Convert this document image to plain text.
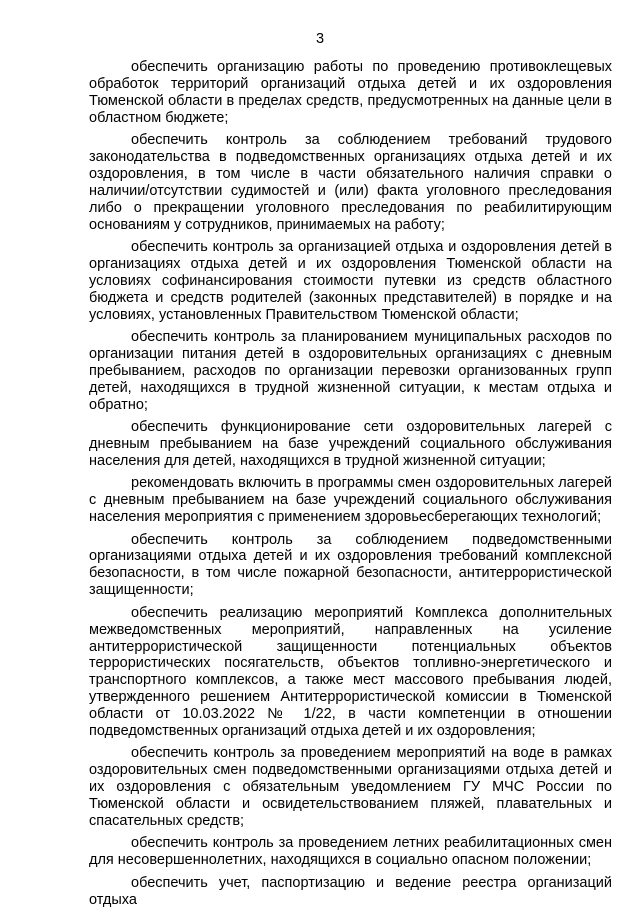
3

обеспечить организацию работы по проведению противоклещевых обработок территорий организаций отдыха детей и их оздоровления Тюменской области в пределах средств, предусмотренных на данные цели в областном бюджете;

обеспечить контроль за соблюдением требований трудового законодательства в подведомственных организациях отдыха детей и их оздоровления, в том числе в части обязательного наличия справки о наличии/отсутствии судимостей и (или) факта уголовного преследования либо о прекращении уголовного преследования по реабилитирующим основаниям у сотрудников, принимаемых на работу;

обеспечить контроль за организацией отдыха и оздоровления детей в организациях отдыха детей и их оздоровления Тюменской области на условиях софинансирования стоимости путевки из средств областного бюджета и средств родителей (законных представителей) в порядке и на условиях, установленных Правительством Тюменской области;

обеспечить контроль за планированием муниципальных расходов по организации питания детей в оздоровительных организациях с дневным пребыванием, расходов по организации перевозки организованных групп детей, находящихся в трудной жизненной ситуации, к местам отдыха и обратно;

обеспечить функционирование сети оздоровительных лагерей с дневным пребыванием на базе учреждений социального обслуживания населения для детей, находящихся в трудной жизненной ситуации;

рекомендовать включить в программы смен оздоровительных лагерей с дневным пребыванием на базе учреждений социального обслуживания населения мероприятия с применением здоровьесберегающих технологий;

обеспечить контроль за соблюдением подведомственными организациями отдыха детей и их оздоровления требований комплексной безопасности, в том числе пожарной безопасности, антитеррористической защищенности;

обеспечить реализацию мероприятий Комплекса дополнительных межведомственных мероприятий, направленных на усиление антитеррористической защищенности потенциальных объектов террористических посягательств, объектов топливно-энергетического и транспортного комплексов, а также мест массового пребывания людей, утвержденного решением Антитеррористической комиссии в Тюменской области от 10.03.2022 № 1/22, в части компетенции в отношении подведомственных организаций отдыха детей и их оздоровления;

обеспечить контроль за проведением мероприятий на воде в рамках оздоровительных смен подведомственными организациями отдыха детей и их оздоровления с обязательным уведомлением ГУ МЧС России по Тюменской области и освидетельствованием пляжей, плавательных и спасательных средств;

обеспечить контроль за проведением летних реабилитационных смен для несовершеннолетних, находящихся в социально опасном положении;

обеспечить учет, паспортизацию и ведение реестра организаций отдыха
